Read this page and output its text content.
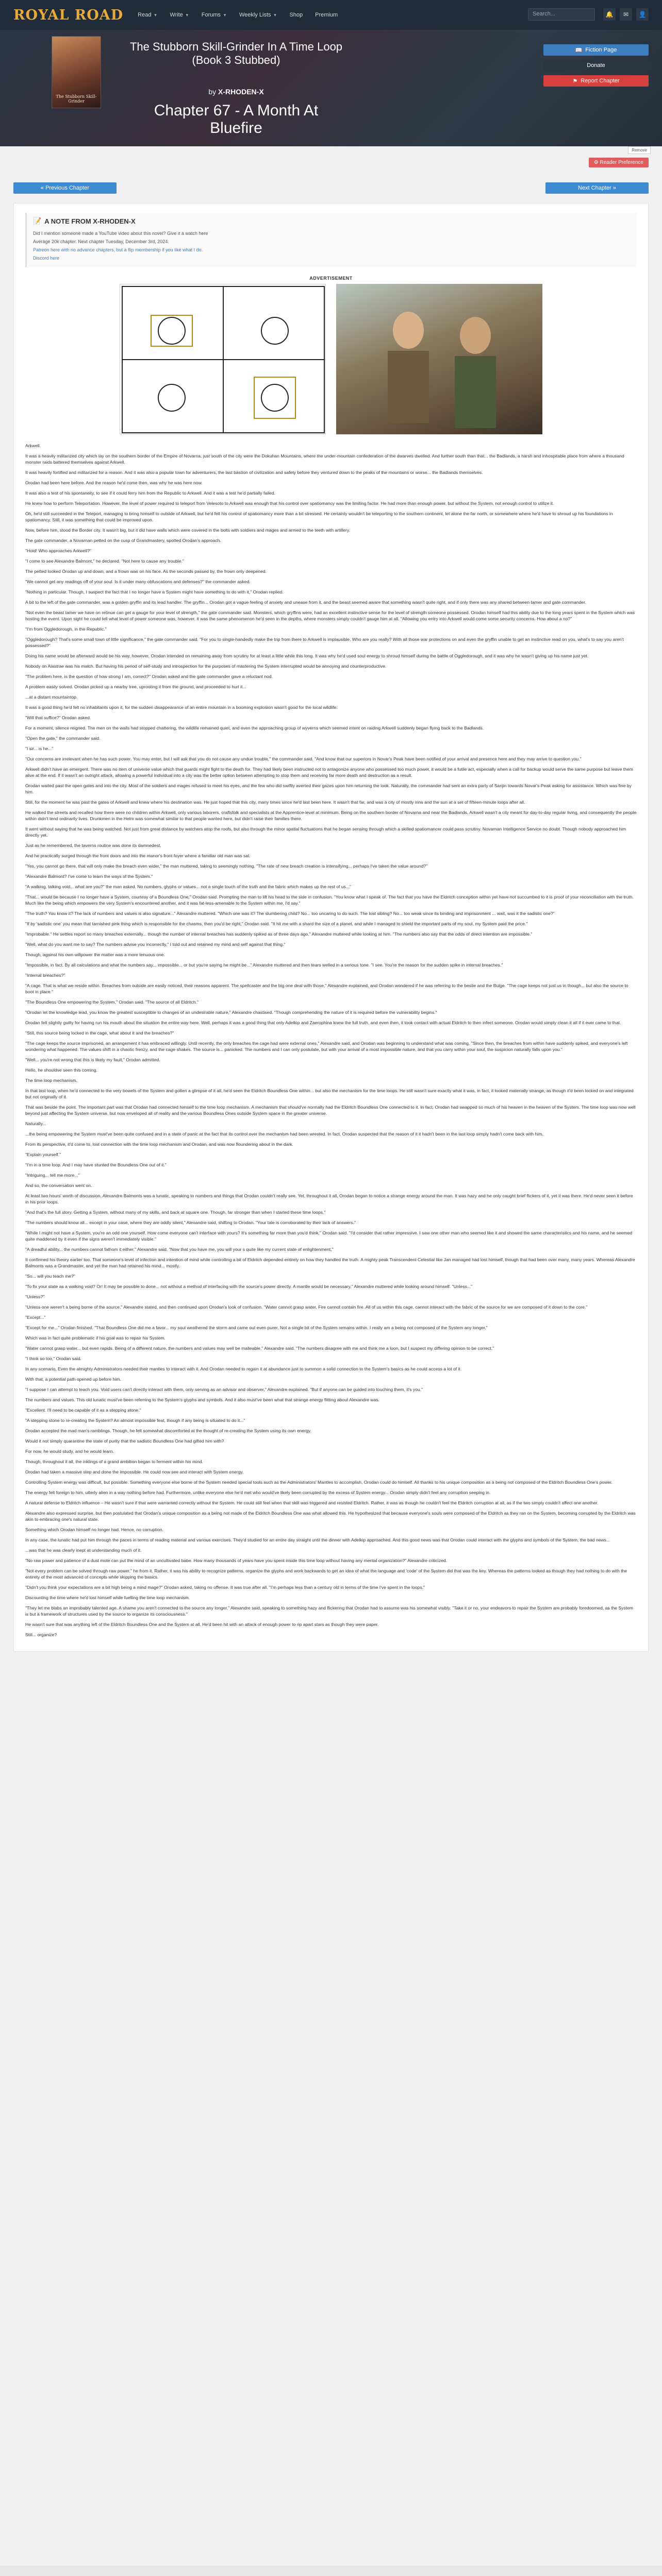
ROYAL ROAD	Read ▼ Write ▼ Forums ▼ Weekly Lists ▼ Shop Premium	Search...	🔔	✉	👤
The Stubborn Skill-Grinder
The Stubborn Skill-Grinder In A Time Loop (Book 3 Stubbed)
by X-RHODEN-X
Chapter 67 - A Month At Bluefire
📖 Fiction Page
Donate
⚑ Report Chapter
⚙ Reader Preference
«
Previous Chapter	Next Chapter
»
📝 A NOTE FROM X-RHODEN-X

Did I mention someone made a YouTube video about this novel? Give it a watch here

Average 20k chapter. Next chapter Tuesday, December 3rd, 2024.

Patreon here with no advance chapters, but a flip membership if you like what I do.

Discord here

ADVERTISEMENT
Remove

Arkwell.

It was a heavily militarized city which lay on the southern border of the Empire of Novarna, just south of the city were the Dokuhan Mountains, where the under-mountain confederation of the dwarves dwelled. And further south than that... the Badlands, a harsh and inhospitable place from where a thousand monster raids battered themselves against Arkwell.

It was heavily fortified and militarized for a reason. And it was also a popular town for adventurers, the last bastion of civilization and safety before they ventured down to the peaks of the mountains or worse... the Badlands themselves.

Orodan had been here before. And the reason he'd come then, was why he was here now.

It was also a test of his spontaneity, to see if it could ferry him from the Republic to Arkwell. And it was a test he'd partially failed.

He knew how to perform Teleportation. However, the level of power required to teleport from Velesoto to Arkwell was enough that his control over spatiomancy was the limiting factor. He had more than enough power, but without the System, not enough control to utilize it.

Oh, he'd still succeeded in the Teleport, managing to bring himself to outside of Arkwell, but he'd felt his control of spatiomancy more than a bit stressed. He certainly wouldn't be teleporting to the southern continent, let alone the far north, or somewhere where he'd have to shroud up his foundations in spatiomancy. Still, it was something that could be improved upon.

Now, before him, stood the Border city. It wasn't big, but it did have walls which were covered in the bolts with soldiers and mages and armed to the teeth with artillery.

The gate commander, a Novarnan petted on the cusp of Grandmastery, spotted Orodan's approach.

"Hold! Who approaches Arkwell?"

"I come to see Alexandre Balmont," he declared. "Not here to cause any trouble."

The petted looked Orodan up and down, and a frown was on his face. As the seconds passed by, the frown only deepened.

"We cannot get any readings off of your soul. Is it under many obfuscations and defenses?" the commander asked.

"Nothing in particular. Though, I suspect the fact that I no longer have a System might have something to do with it," Orodan replied.

A bit to the left of the gate commander, was a golden gryffin and its lead handler. The gryffin... Orodan got a vague feeling of anxiety and unease from it, and the beast seemed aware that something wasn't quite right, and if only there was any shared between tamer and gate commander.

"Not even the beast tamer we have on retinue can get a gauge for your level of strength," the gate commander said. Monsters, which gryffins were, had an excellent instinctive sense for the level of strength someone possessed. Orodan himself had this ability due to the long years spent in the System which was hosting the event. Upon sight he could tell what level of power someone was, however, it was the same phenomenon he'd seen in the depths, where monsters simply couldn't gauge him at all. "Allowing you entry into Arkwell would come some security concerns. How about a no?"

"I'm from Oggledorough, in the Republic."

"Oggledorough? That's some small town of little significance," the gate commander said. "For you to single-handedly make the trip from there to Arkwell is implausible. Who are you really? With all those war protections on and even the gryffin unable to get an instinctive read on you, what's to say you aren't possessed?"

Doing his name would be afterward would be his way, however, Orodan intended on remaining away from scrutiny for at least a little while this long. It was why he'd used soul energy to shroud himself during the battle of Oggledorough, and it was why he wasn't giving up his name just yet.

Nobody on Alastrae was his match. But having his period of self-study and introspection for the purposes of mastering the System interrupted would be annoying and counterproductive.

"The problem here, is the question of how strong I am, correct?" Orodan asked and the gate commander gave a reluctant nod.

A problem easily solved. Orodan picked up a nearby tree, uprooting it from the ground, and proceeded to hurl it...

...at a distant mountaintop.

It was a good thing he'd felt no inhabitants upon it, for the sudden disappearance of an entire mountain in a booming explosion wasn't good for the local wildlife.

"Will that suffice?" Orodan asked.

For a moment, silence reigned. The men on the walls had stopped chattering, the wildlife remained quiet, and even the approaching group of wyverns which seemed intent on raiding Arkwell suddenly began flying back to the Badlands.

"Open the gate," the commander said.

"I sir... is he..."

"Our concerns are irrelevant when he has such power. You may enter, but I will ask that you do not cause any undue trouble," the commander said. "And know that our superiors in Novar's Peak have been notified of your arrival and presence here and they may arrive to question you."

Arkwell didn't have an emergent. There was no item of universe value which that guards might fight to the death for. They had likely been instructed not to antagonize anyone who possessed too much power, it would be a futile act, especially when a call for backup would serve the same purpose but leave them alive at the end. If it wasn't an outright attack, allowing a powerful individual into a city was the better option between attempting to stop them and receiving far more death and destruction as a result.

Orodan waited past the open gates and into the city. Most of the soldiers and mages refused to meet his eyes, and the few who did swiftly averted their gazes upon him returning the look. Naturally, the commander had sent an extra party of Sanjin towards Novar's Peak asking for assistance. Which was fine by him.

Still, for the moment he was past the gates of Arkwell and knew where his destination was. He just hoped that this city, many times since he'd last been here. It wasn't that far, and was a city of mostly inns and the sun at a set of fifteen-minute loops after all.

He walked the streets and recalled how there were no children within Arkwell, only various laborers, craftsfolk and specialists at the Apprentice-level at minimum. Being on the southern border of Novarna and near the Badlands, Arkwell wasn't a city meant for day-to-day regular living, and consequently the people within didn't tend ordinarily lives. Drunkmen in the Helm was somewhat similar to that people wanted here, but didn't raise their families there.

It went without saying that he was being watched. Not just from great distance by watchers atop the roofs, but also through the minor spatial fluctuations that he began sensing through which a skilled spatiomancer could pass scrutiny. Novarnan Intelligence Service no doubt. Though nobody approached him directly yet.

Just as he remembered, the taverns routine was done its damnedest.

And he practically surged through the front doors and into the manor's front foyer where a familiar old man was sat.

"Yes, you cannot go there, that will only make the breach even wider," the man muttered, taking to seemingly nothing. "The rate of new breach creation is intensifying... perhaps I've taken the value around?"

"Alexandre Balmont? I've come to learn the ways of the System."

"A walking, talking void... what are you?" the man asked. No numbers, glyphs or values... not a single touch of the truth and the fabric which makes up the rest of us..."

"That... would be because I no longer have a System, courtesy of a Boundless One," Orodan said. Prompting the man to lift his head to the side in confusion. "You know what I speak of. The fact that you have the Eldritch conception within yet have not succumbed to it is proof of your reconciliation with the truth. Much like the being which empowers the very System's encountered another, and it was fat-less-amenable to the System within me, I'd say."

"The truth? You know it? The lack of numbers and values is also signature..." Alexandre muttered. "Which one was it? The slumbering child? No... too uncaring to do such. The lost sibling? No... too weak since its binding and imprisonment ... wait, was it the sadistic one?"

"If by 'sadistic one' you mean that tarnished pink thing which is responsible for the chasms, then you'd be right," Orodan said. "It hit me with a shard the size of a planet, and while I managed to shield the important parts of my soul, my System paid the price."

"Improbable." He settles report so many breaches externally... though the number of internal breaches has suddenly spiked as of three days ago," Alexandre muttered while looking at him. "The numbers also say that the odds of direct intention are impossible."

"Well, what do you want me to say? The numbers advise you incorrectly," I told out and retained my mind and self against that thing."

Though, against his own willpower the matter was a more tenuous one.

"Impossible, in fact. By all calculations and what the numbers say... impossible... or but you're saying he might be..." Alexandre muttered and then tears welled in a serious tone. "I see. You're the reason for the sudden spike in internal breaches."

"Internal breaches?"

"A cage. That is what we reside within. Breaches from outside are easily noticed, their reasons apparent. The spellcaster and the big one deal with those," Alexandre explained, and Orodan wondered if he was referring to the bestie and the Bulge. "The cage keeps not just us in though... but also the source to boot in place."

"The Boundless One empowering the System," Orodan said. "The source of all Eldritch."

"Orodan let the knowledge lead, you know the greatest susceptible to changes of an undesirable nature," Alexandre chastised. "Though comprehending the nature of it is required before the vulnerability begins."

Orodan felt slightly guilty for having run his mouth about the situation the entire way here. Well, perhaps it was a good thing that only Adelkip and Zaerophina knew the full truth, and even then, it took contact with actual Eldritch to then infect someone. Orodan would simply clean it all if it ever came to that.

"Still, this source being locked in the cage, what about it and the breaches?"

"The cage keeps the source imprisoned, an arrangement it has embraced willingly. Until recently, the only breaches the cage had were external ones," Alexandre said, and Orodan was beginning to understand what was coming. "Since then, the breaches from within have suddenly spiked, and everyone's left wondering what happened. The values shift in a chaotic frenzy, and the cage shakes. The source is... panicked. The numbers and I can only postulate, but with your arrival of a most impossible nature, and that you carry within your soul, the suspicion naturally falls upon you."

"Well... you're not wrong that this is likely my fault," Orodan admitted.

Hello, he shouldve seen this coming.

The time loop mechanism.

In that last loop, when he'd connected to the very bowels of the System and gotten a glimpse of it all, he'd seen the Eldritch Boundless One within... but also the mechanism for the time loops. He still wasn't sure exactly what it was, in fact, it looked materially strange, as though it'd been locked on and integrated but not originally of it.

That was beside the point. The important part was that Orodan had connected himself to the time loop mechanism. A mechanism that should've normally had the Eldritch Boundless One connected to it. In fact, Orodan had swapped so much of his heaven in the heaven of the System. The time loop was now well beyond just affecting the System universe, but now enveloped all of reality and the various Boundless Ones outside System space in the greater universe.

Naturally...

...the being empowering the System must've been quite confused and in a state of panic at the fact that its control over the mechanism had been wrested. In fact, Orodan suspected that the reason of it it hadn't been in the last loop simply hadn't come back with him.

From its perspective, it'd come to, lost connection with the time loop mechanism and Orodan, and was now floundering about in the dark.

"Explain yourself."

"I'm in a time loop. And I may have stunted the Boundless One out of it."

"Intriguing... tell me more..."

And so, the conversation went on.

At least two hours' worth of discussion. Alexandre Balmonts was a lunatic, speaking to numbers and things that Orodan couldn't really see. Yet, throughout it all, Orodan began to notice a strange energy around the man. It was hazy and he only caught brief flickers of it, yet it was there. He'd never seen it before in his prior loops.

"And that's the full story. Getting a System, without many of my skills, and back at square one. Though, far stronger than when I started these time loops."

"The numbers should know all... except in your case, where they are oddly silent," Alexandre said, shifting to Orodan. "Your tale is corroborated by their lack of answers."

"While I might not have a System, you're an odd one yourself. How come everyone can't interface with yours? It's something far more than you'd think," Orodan said. "I'd consider that rather impressive. I saw one other man who seemed like it and showed the same characteristics and his name, and he seemed quite maddened by it even if the signs weren't immediately visible."

"A dreadful ability... the numbers cannot fathom it either," Alexandre said, "Now that you have me, you will your s quite like my current state of enlightenment."

It confirmed his theory earlier too. That someone's level of infection and intention of mind while controlling a bit of Eldritch depended entirely on how they handled the truth. A mighty peak Transcendent Celestial like Jan managed had lost himself, though that had been over many, many years. Whereas Alexandre Balmonts was a Grandmaster, and yet the man had retained his mind... mostly.

"So... will you teach me?"

"To fix your state as a walking void? Or! It may be possible to done... not without a method of interfacing with the source's power directly. A mantle would be necessary," Alexandre muttered while looking around himself. "Unless..."

"Unless?"

"Unless one weren't a being borne of the source," Alexandre stated, and then continued upon Orodan's look of confusion. "Water cannot grasp water. Fire cannot contain fire. All of us within this cage, cannot interact with the fabric of the source for we are composed of it down to the core."

"Except..."

"Except for me..." Orodan finished. "That Boundless One did me a favor... my soul weathered the storm and came out even purer. Not a single bit of the System remains within. I really am a being not composed of the System any longer."

Which was in fact quite problematic if his goal was to repair his System.

"Water cannot grasp water... but even rapids. Being of a different nature, the numbers and values may well be malleable," Alexandre said. "The numbers disagree with me and think me a loon, but I suspect my differing opinion to be correct."

"I think so too," Orodan said.

In any scenario, Even the almighty Administrators needed their mantles to interact with it. And Orodan needed to regain it at abundance just to summon a solid connection to the System's basics as he could access a lot of it.

With that, a potential path opened up before him.

"I suppose I can attempt to teach you. Void users can't directly interact with them, only serving as an advisor and observer," Alexandre explained. "But if anyone can be guided into touching them, it's you."

The numbers and values. This old lunatic must've been referring to the System's glyphs and symbols. And it also must've been what that strange energy flitting about Alexandre was.

"Excellent. I'll need to be capable of it as a stepping stone."

"A stepping stone to re-creating the System? An almost impossible feat, though if any being is situated to do it..."

Orodan accepted the mad man's ramblings. Though, he felt somewhat discomforted at the thought of re-creating the System using its own energy.

Would it not simply quarantine the state of purity that the sadistic Boundless One had gifted him with?

For now, he would study, and he would learn.

Though, throughout it all, the inklings of a grand ambition began to ferment within his mind.

Orodan had taken a massive step and done the impossible. He could now see and interact with System energy.

Controlling System energy was difficult, but possible. Something everyone else borne of the System needed special tools such as the Administrators' Mantles to accomplish, Orodan could do himself. All thanks to his unique composition as a being not composed of the Eldritch Boundless One's power.

The energy felt foreign to him, utterly alien in a way nothing before had. Furthermore, unlike everyone else he'd met who would've likely been corrupted by the excess of System energy... Orodan simply didn't feel any corruption seeping in.

A natural defense to Eldritch influence – He wasn't sure if that were warranted correctly without the System. He could still feel when that skill was triggered and resisted Eldritch. Rather, it was as though he couldn't feel the Eldritch corruption at all, as if the two simply couldn't affect one another.

Alexandre also expressed surprise, but then postulated that Orodan's unique composition as a being not made of the Eldritch Boundless One was what allowed this. He hypothesized that because everyone's souls were composed of the Eldritch as they ran on the System, becoming corrupted by the Eldritch was akin to embracing one's natural state.

Something which Orodan himself no longer had. Hence, no corruption.

In any case, the lunatic had put him through the paces in terms of reading material and various exercises. They'd studied for an entire day straight until the dinner with Adelkip approached. And this good news was that Orodan could interact with the glyphs and symbols of the System, the bad news...

...was that he was clearly inept at understanding much of it.

"No raw power and patience of a dust mote can put the mind of an uncultivated babe. How many thousands of years have you spent inside this time loop without having any mental organization?" Alexandre criticized.

"Not every problem can be solved through raw power," he from it. Rather, it was his ability to recognize patterns, organize the glyphs and work backwards to get an idea of what the language and 'code' of the System did that was the key. Whereas the patterns looked as though they had nothing to do with the entirety of the most advanced of concepts while skipping the basics.

"Didn't you think your expectations are a bit high being a mind mage?" Orodan asked, taking no offense. It was true after all. "I'm perhaps less than a century old in terms of the time I've spent in the loops."

Discounting the time where he'd lost himself while fuelling the time loop mechanism.

"They let me blabs an improbably talented age. A shame you aren't connected to the source any longer," Alexandre said, speaking to something hazy and flickering that Orodan had to assume was his somewhat visibly. "Take it or no, your endeavors to repair the System are probably foredoomed, as the System is but a framework of structures used by the source to organize its consciousness."

He wasn't sure that was anything left of the Eldritch Boundless One and the System at all. He'd been hit with an attack of enough power to rip apart stars as though they were paper.

Still... organize?
